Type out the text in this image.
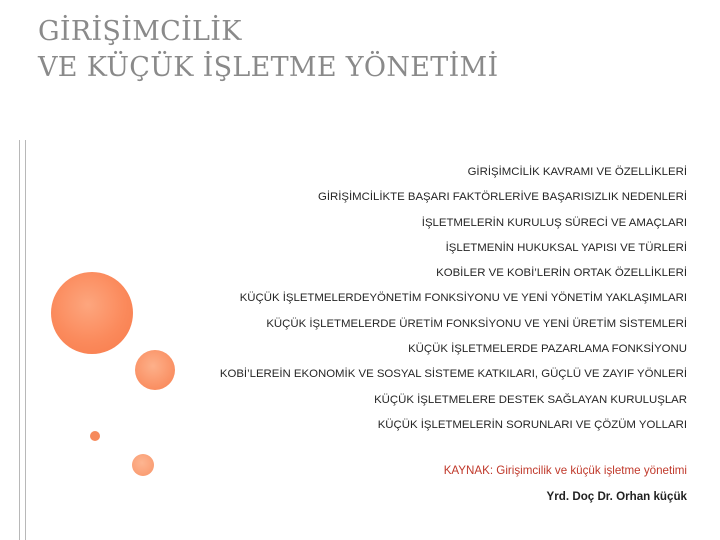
GİRİŞİMCİLİK
VE KÜÇÜK İŞLETME YÖNETİMİ
GİRİŞİMCİLİK KAVRAMI VE ÖZELLİKLERİ
GİRİŞİMCİLİKTE BAŞARI FAKTÖRLERİVE BAŞARISIZLIK NEDENLERİ
İŞLETMELERİN KURULUŞ SÜRECİ VE AMAÇLARI
İŞLETMENİN HUKUKSAL YAPISI VE TÜRLERİ
KOBİLER VE KOBİ’LERİN ORTAK ÖZELLİKLERİ
KÜÇÜK İŞLETMELERDEYÖNETİM FONKSİYONU VE YENİ YÖNETİM YAKLAŞIMLARI
KÜÇÜK İŞLETMELERDE ÜRETİM FONKSİYONU VE YENİ ÜRETİM SİSTEMLERİ
KÜÇÜK İŞLETMELERDE PAZARLAMA FONKSİYONU
KOBİ’LEREİN EKONOMİK VE SOSYAL SİSTEME KATKILARI, GÜÇLÜ VE ZAYIF YÖNLERİ
KÜÇÜK İŞLETMELERE DESTEK SAĞLAYAN KURULUŞLAR
KÜÇÜK İŞLETMELERİN SORUNLARI VE ÇÖZÜM YOLLARI
KAYNAK: Girişimcilik ve küçük işletme yönetimi
Yrd. Doç Dr. Orhan küçük
